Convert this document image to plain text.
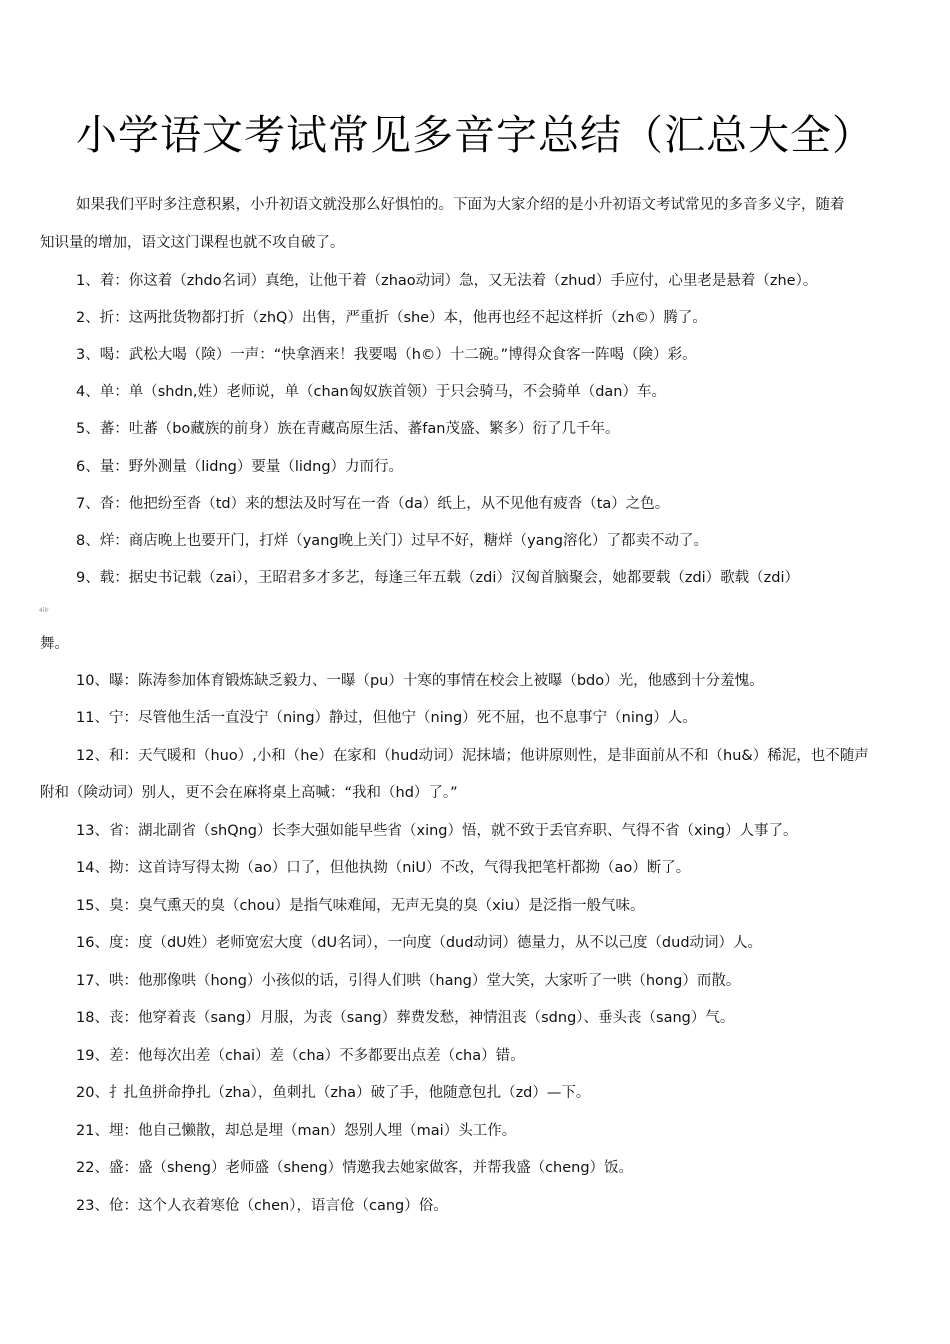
小学语文考试常见多音字总结（汇总大全）
如果我们平时多注意积累，小升初语文就没那么好惧怕的。下面为大家介绍的是小升初语文考试常见的多音多义字，随着
知识量的增加，语文这门课程也就不攻自破了。
1、着：你这着（zhdo名词）真绝，让他干着（zhao动词）急，又无法着（zhud）手应付，心里老是悬着（zhe）。
2、折：这两批货物都打折（zhQ）出售，严重折（she）本，他再也经不起这样折（zh©）腾了。
3、喝：武松大喝（険）一声：“快拿酒来！我要喝（h©）十二碗。”博得众食客一阵喝（険）彩。
4、单：单（shdn,姓）老师说，单（chan匈奴族首领）于只会骑马，不会骑单（dan）车。
5、蕃：吐蕃（bo藏族的前身）族在青藏高原生活、蕃fan茂盛、繁多）衍了几千年。
6、量：野外测量（lidng）要量（lidng）力而行。
7、沓：他把纷至沓（td）来的想法及时写在一沓（da）纸上，从不见他有疲沓（ta）之色。
8、烊：商店晚上也要开门，打烊（yang晚上关门）过早不好，糖烊（yang溶化）了都卖不动了。
9、载：据史书记载（zai），王昭君多才多艺，每逢三年五载（zdi）汉匈首脑聚会，她都要载（zdi）歌载（zdi）
4ilr
舞。
10、曝：陈涛参加体育锻炼缺乏毅力、一曝（pu）十寒的事情在校会上被曝（bdo）光，他感到十分羞愧。
11、宁：尽管他生活一直没宁（ning）静过，但他宁（ning）死不屈，也不息事宁（ning）人。
12、和：天气暖和（huo）,小和（he）在家和（hud动词）泥抹墙；他讲原则性，是非面前从不和（hu&）稀泥，也不随声
附和（険动词）别人，更不会在麻将桌上高喊：“我和（hd）了。”
13、省：湖北副省（shQng）长李大强如能早些省（xing）悟，就不致于丢官弃职、气得不省（xing）人事了。
14、拗：这首诗写得太拗（ao）口了，但他执拗（niU）不改，气得我把笔杆都拗（ao）断了。
15、臭：臭气熏天的臭（chou）是指气味难闻，无声无臭的臭（xiu）是泛指一般气味。
16、度：度（dU姓）老师宽宏大度（dU名词），一向度（dud动词）德量力，从不以己度（dud动词）人。
17、哄：他那像哄（hong）小孩似的话，引得人们哄（hang）堂大笑，大家听了一哄（hong）而散。
18、丧：他穿着丧（sang）月服，为丧（sang）葬费发愁，神情沮丧（sdng）、垂头丧（sang）气。
19、差：他每次出差（chai）差（cha）不多都要出点差（cha）错。
20、扌扎鱼拼命挣扎（zha），鱼刺扎（zha）破了手，他随意包扎（zd）—下。
21、埋：他自己懒散，却总是埋（man）怨别人埋（mai）头工作。
22、盛：盛（sheng）老师盛（sheng）情邀我去她家做客，并帮我盛（cheng）饭。
23、伧：这个人衣着寒伧（chen），语言伧（cang）俗。
